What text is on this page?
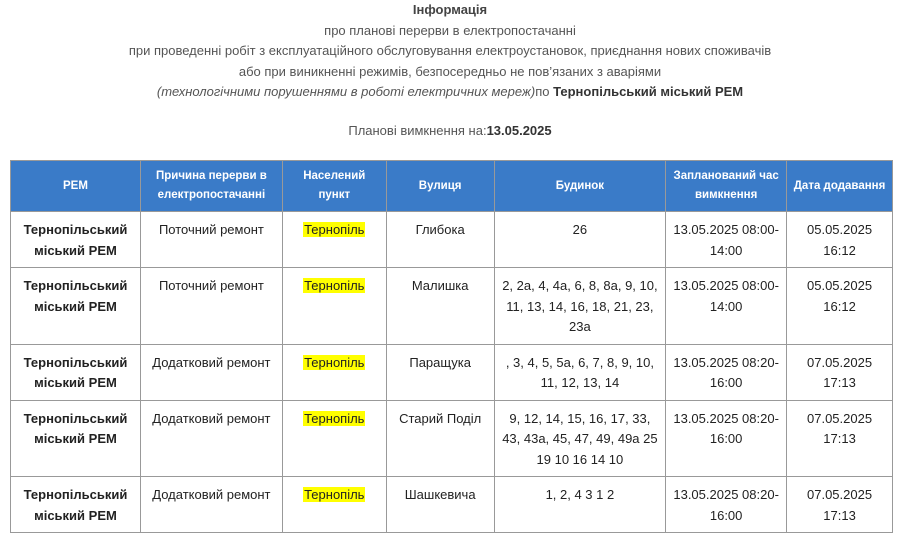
Інформація
про планові перерви в електропостачанні
при проведенні робіт з експлуатаційного обслуговування електроустановок, приєднання нових споживачів
або при виникненні режимів, безпосередньо не пов’язаних з аваріями
(технологічними порушеннями в роботі електричних мереж)по Тернопільський міський РЕМ
Планові вимкнення на:13.05.2025
РЕМ	Причина перерви в електропостачанні	Населений пункт	Вулиця	Будинок	Запланований час вимкнення	Дата додавання
Тернопільський міський РЕМ	Поточний ремонт	Тернопіль	Глибока	26	13.05.2025 08:00-14:00	05.05.2025 16:12
Тернопільський міський РЕМ	Поточний ремонт	Тернопіль	Малишка	2, 2а, 4, 4а, 6, 8, 8а, 9, 10, 11, 13, 14, 16, 18, 21, 23, 23а	13.05.2025 08:00-14:00	05.05.2025 16:12
Тернопільський міський РЕМ	Додатковий ремонт	Тернопіль	Паращука	, 3, 4, 5, 5а, 6, 7, 8, 9, 10, 11, 12, 13, 14	13.05.2025 08:20-16:00	07.05.2025 17:13
Тернопільський міський РЕМ	Додатковий ремонт	Тернопіль	Старий Поділ	9, 12, 14, 15, 16, 17, 33, 43, 43а, 45, 47, 49, 49а 25 19 10 16 14 10	13.05.2025 08:20-16:00	07.05.2025 17:13
Тернопільський міський РЕМ	Додатковий ремонт	Тернопіль	Шашкевича	1, 2, 4 3 1 2	13.05.2025 08:20-16:00	07.05.2025 17:13
